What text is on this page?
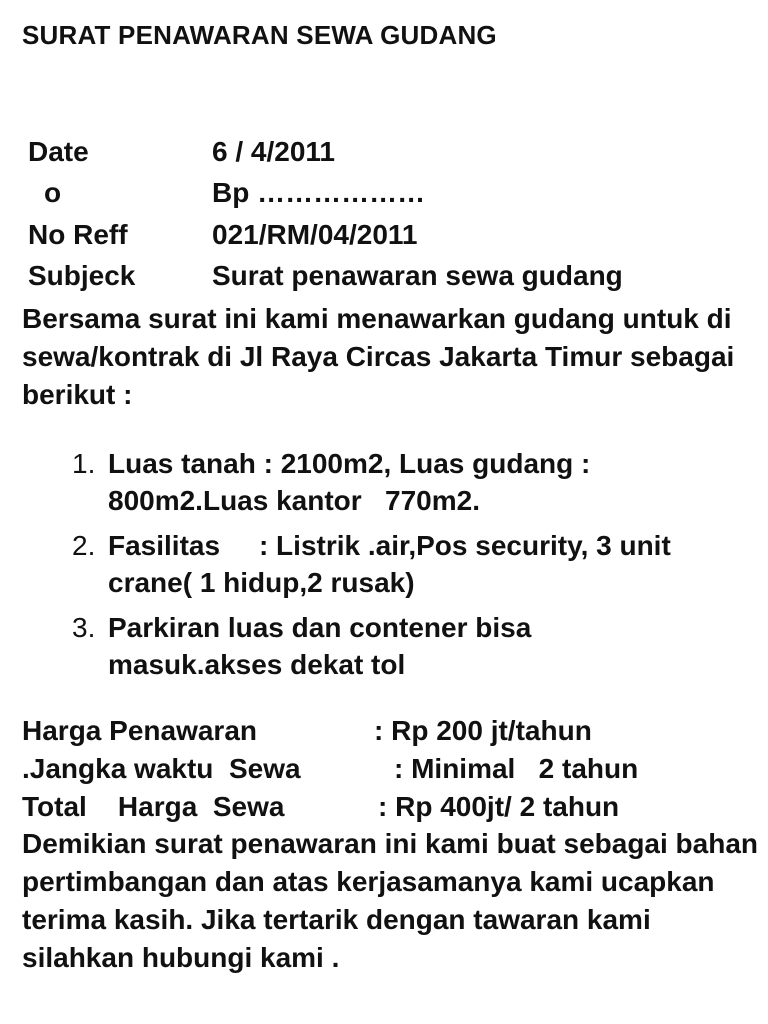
SURAT PENAWARAN SEWA GUDANG
Date	6 / 4/2011
o	Bp ………………
No Reff	021/RM/04/2011
Subjeck	Surat penawaran sewa gudang
Bersama surat ini kami menawarkan gudang untuk di sewa/kontrak di Jl Raya Circas Jakarta Timur sebagai berikut :
1. Luas tanah : 2100m2, Luas gudang : 800m2.Luas kantor   770m2.
2. Fasilitas     : Listrik .air,Pos security, 3 unit crane( 1 hidup,2 rusak)
3. Parkiran luas dan contener bisa masuk.akses dekat tol
Harga Penawaran	: Rp 200 jt/tahun
.Jangka waktu  Sewa	: Minimal   2 tahun
Total    Harga  Sewa	: Rp 400jt/ 2 tahun
Demikian surat penawaran ini kami buat sebagai bahan pertimbangan dan atas kerjasamanya kami ucapkan terima kasih. Jika tertarik dengan tawaran kami silahkan hubungi kami .
